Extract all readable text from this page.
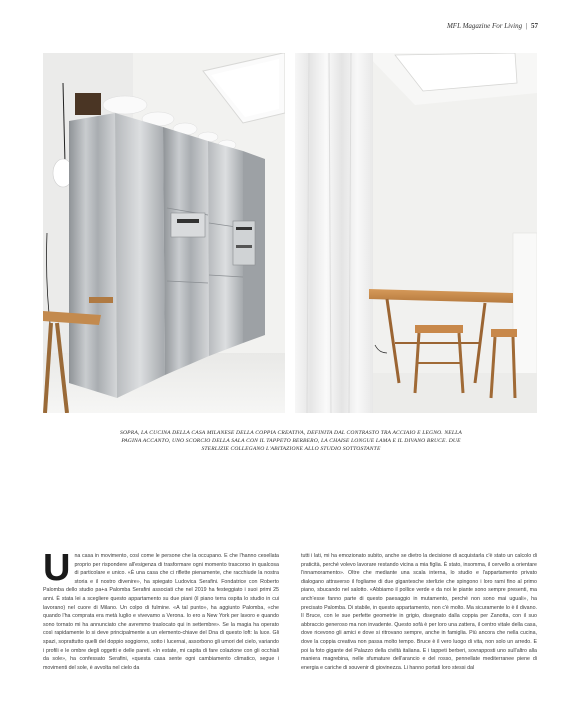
MFL Magazine For Living | 57
SOPRA, LA CUCINA DELLA CASA MILANESE DELLA COPPIA CREATIVA, DEFINITA DAL CONTRASTO TRA ACCIAIO E LEGNO. NELLA PAGINA ACCANTO, UNO SCORCIO DELLA SALA CON IL TAPPETO BERBERO, LA CHAISE LONGUE LAMA E IL DIVANO BRUCE. DUE STERLIZIE COLLEGANO L'ABITAZIONE ALLO STUDIO SOTTOSTANTE
Una casa in movimento, così come le persone che la occupano. E che l'hanno cesellata proprio per rispondere all'esigenza di trasformare ogni momento trascorso in qualcosa di particolare e unico. «È una casa che ci riflette pienamente, che racchiude la nostra storia e il nostro divenire», ha spiegato Ludovica Serafini. Fondatrice con Roberto Palomba dello studio pa+a Palomba Serafini associati che nel 2019 ha festeggiato i suoi primi 25 anni. È stata lei a scegliere questo appartamento su due piani (il piano terra ospita lo studio in cui lavorano) nel cuore di Milano. Un colpo di fulmine. «A tal punto», ha aggiunto Palomba, «che quando l'ha comprata era metà luglio e vivevamo a Verona. Io ero a New York per lavoro e quando sono tornato mi ha annunciato che avremmo traslocato qui in settembre». Se la magia ha operato così rapidamente lo si deve principalmente a un elemento-chiave del Dna di questo loft: la luce. Gli spazi, soprattutto quelli del doppio soggiorno, sotto i lucernai, assorbono gli umori del cielo, variando i profili e le ombre degli oggetti e delle pareti. «In estate, mi capita di fare colazione con gli occhiali da sole», ha confessato Serafini, «questa casa sente ogni cambiamento climatico, segue i movimenti del sole, è avvolta nel cielo da
tutti i lati, mi ha emozionato subito, anche se dietro la decisione di acquistarla c'è stato un calcolo di praticità, perché volevo lavorare restando vicina a mia figlia. È stato, insomma, il cervello a orientare l'innamoramento». Oltre che mediante una scala interna, lo studio e l'appartamento privato dialogano attraverso il fogliame di due gigantesche sterlizie che spingono i loro rami fino al primo piano, sbucando nel salotto. «Abbiamo il pollice verde e da noi le piante sono sempre presenti, ma anch'esse fanno parte di questo paesaggio in mutamento, perché non sono mai uguali», ha precisato Palomba. Di stabile, in questo appartamento, non c'è molto. Ma sicuramente lo è il divano. Il Bruce, con le sue perfette geometrie in grigio, disegnato dalla coppia per Zanotta, con il suo abbraccio generoso ma non invadente. Questo sofà è per loro una zattera, il centro vitale della casa, dove ricevono gli amici e dove si ritrovano sempre, anche in famiglia. Più ancora che nella cucina, dove la coppia creativa non passa molto tempo. Bruce è il vero luogo di vita, non solo un arredo. E poi la foto gigante del Palazzo della civiltà italiana. E i tappeti berberi, sovrapposti uno sull'altro alla maniera magrebina, nelle sfumature dell'arancio e del rosso, pennellate mediterranee piene di energia e cariche di souvenir di giovinezza. Li hanno portati loro stessi dal
